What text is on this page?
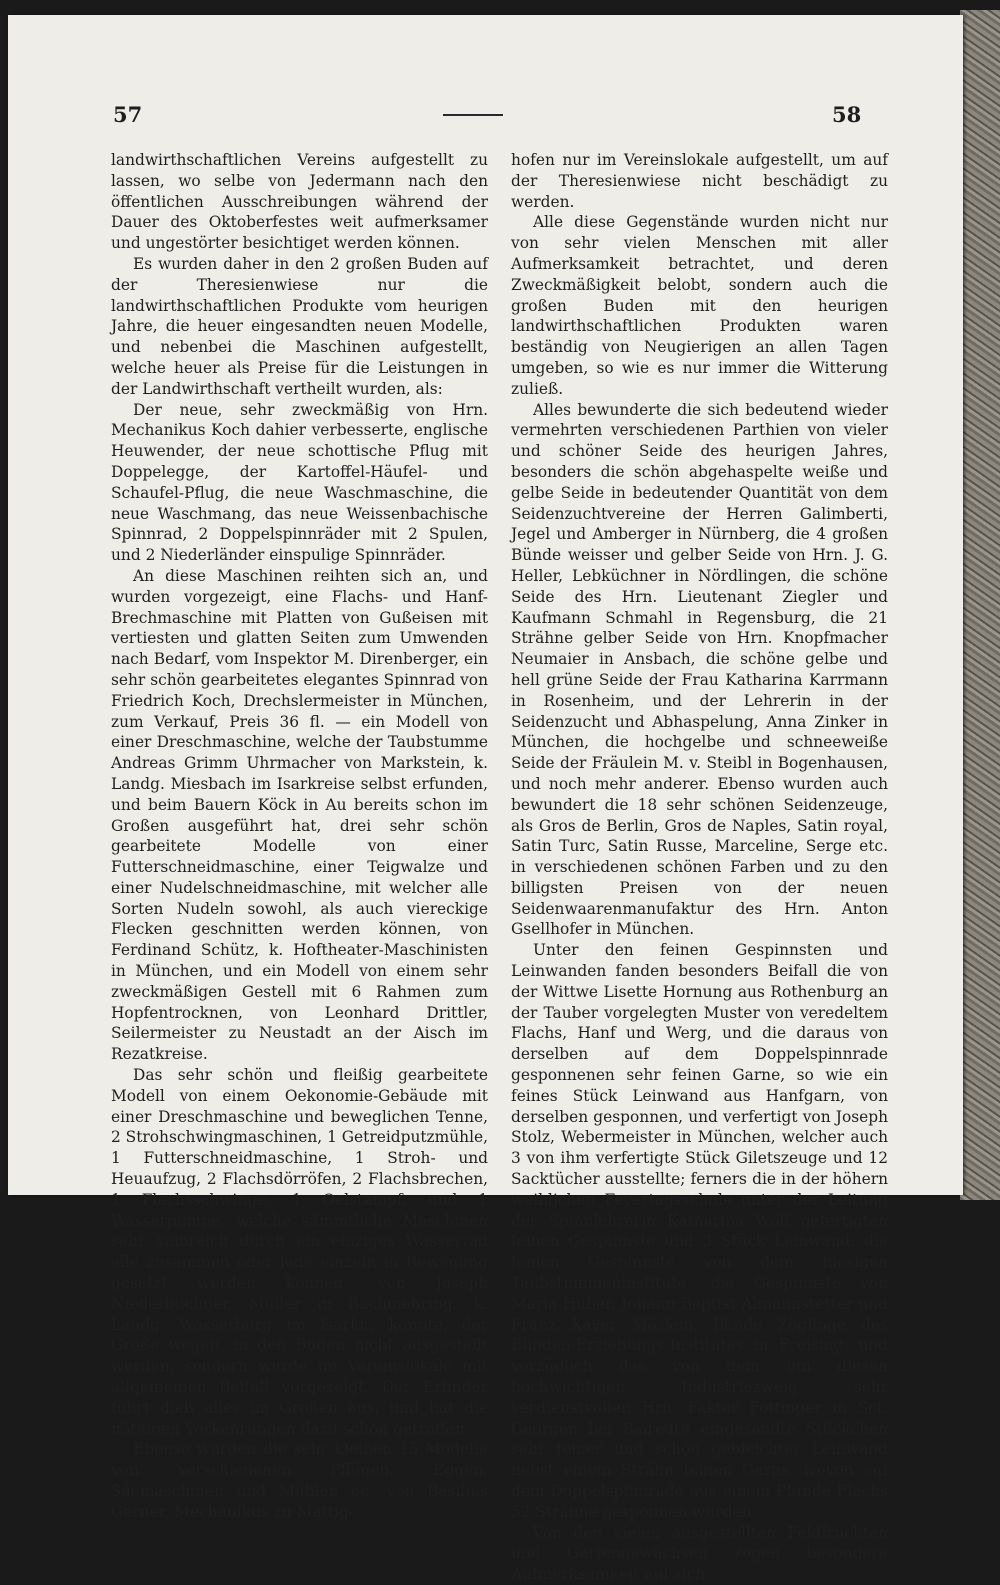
57	58

landwirthschaftlichen Vereins aufgestellt zu lassen, wo selbe von Jedermann nach den öffentlichen Ausschreibungen während der Dauer des Oktoberfestes weit aufmerksamer und ungestörter besichtiget werden können.

Es wurden daher in den 2 großen Buden auf der Theresienwiese nur die landwirthschaftlichen Produkte vom heurigen Jahre, die heuer eingesandten neuen Modelle, und nebenbei die Maschinen aufgestellt, welche heuer als Preise für die Leistungen in der Landwirthschaft vertheilt wurden, als:

Der neue, sehr zweckmäßig von Hrn. Mechanikus Koch dahier verbesserte, englische Heuwender, der neue schottische Pflug mit Doppelegge, der Kartoffel-Häufel- und Schaufel-Pflug, die neue Waschmaschine, die neue Waschmang, das neue Weissenbachische Spinnrad, 2 Doppelspinnräder mit 2 Spulen, und 2 Niederländer einspulige Spinnräder.

An diese Maschinen reihten sich an, und wurden vorgezeigt, eine Flachs- und Hanf-Brechmaschine mit Platten von Gußeisen mit vertiesten und glatten Seiten zum Umwenden nach Bedarf, vom Inspektor M. Direnberger, ein sehr schön gearbeitetes elegantes Spinnrad von Friedrich Koch, Drechslermeister in München, zum Verkauf, Preis 36 fl. — ein Modell von einer Dreschmaschine, welche der Taubstumme Andreas Grimm Uhrmacher von Markstein, k. Landg. Miesbach im Isarkreise selbst erfunden, und beim Bauern Köck in Au bereits schon im Großen ausgeführt hat, drei sehr schön gearbeitete Modelle von einer Futterschneidmaschine, einer Teigwalze und einer Nudelschneidmaschine, mit welcher alle Sorten Nudeln sowohl, als auch viereckige Flecken geschnitten werden können, von Ferdinand Schütz, k. Hoftheater-Maschinisten in München, und ein Modell von einem sehr zweckmäßigen Gestell mit 6 Rahmen zum Hopfentrocknen, von Leonhard Drittler, Seilermeister zu Neustadt an der Aisch im Rezatkreise.

Das sehr schön und fleißig gearbeitete Modell von einem Oekonomie-Gebäude mit einer Dreschmaschine und beweglichen Tenne, 2 Strohschwingmaschinen, 1 Getreidputzmühle, 1 Futterschneidmaschine, 1 Stroh- und Heuaufzug, 2 Flachsdörröfen, 2 Flachsbrechen, 1 Flachsschwinge, 1 Oelstampf, und 1 Wasserpumpe, welche sämmtliche Maschinen sehr sinnreich durch ein einziges Wasserrad alle zusammen oder jede einzeln in Bewegung gesetzt werden können, von Joseph Niederbuchner, Müller in Bachmehring, k. Landg. Wasserburg im Isarkr., konnte, der Größe wegen, in den Buden nicht ausgestellt werden, sondern wurde im Vereinslokale mit allgemeinen Beifall vorgezeigt. Der Erfinder führt dieß alles im Großen aus, und hat die nöthigen Vorkehrungen dazu schon getroffen.

Ebenso wurden die sehr kleinen 15 Modelle von verschiedenen Pflügen, Eggen, Säemaschinen und Mühlen ec. von Basilius Gerner, Mechanikus zu Mattig-

hofen nur im Vereinslokale aufgestellt, um auf der Theresienwiese nicht beschädigt zu werden.

Alle diese Gegenstände wurden nicht nur von sehr vielen Menschen mit aller Aufmerksamkeit betrachtet, und deren Zweckmäßigkeit belobt, sondern auch die großen Buden mit den heurigen landwirthschaftlichen Produkten waren beständig von Neugierigen an allen Tagen umgeben, so wie es nur immer die Witterung zuließ.

Alles bewunderte die sich bedeutend wieder vermehrten verschiedenen Parthien von vieler und schöner Seide des heurigen Jahres, besonders die schön abgehaspelte weiße und gelbe Seide in bedeutender Quantität von dem Seidenzuchtvereine der Herren Galimberti, Jegel und Amberger in Nürnberg, die 4 großen Bünde weisser und gelber Seide von Hrn. J. G. Heller, Lebküchner in Nördlingen, die schöne Seide des Hrn. Lieutenant Ziegler und Kaufmann Schmahl in Regensburg, die 21 Strähne gelber Seide von Hrn. Knopfmacher Neumaier in Ansbach, die schöne gelbe und hell grüne Seide der Frau Katharina Karrmann in Rosenheim, und der Lehrerin in der Seidenzucht und Abhaspelung, Anna Zinker in München, die hochgelbe und schneeweiße Seide der Fräulein M. v. Steibl in Bogenhausen, und noch mehr anderer. Ebenso wurden auch bewundert die 18 sehr schönen Seidenzeuge, als Gros de Berlin, Gros de Naples, Satin royal, Satin Turc, Satin Russe, Marceline, Serge etc. in verschiedenen schönen Farben und zu den billigsten Preisen von der neuen Seidenwaarenmanufaktur des Hrn. Anton Gsellhofer in München.

Unter den feinen Gespinnsten und Leinwanden fanden besonders Beifall die von der Wittwe Lisette Hornung aus Rothenburg an der Tauber vorgelegten Muster von veredeltem Flachs, Hanf und Werg, und die daraus von derselben auf dem Doppelspinnrade gesponnenen sehr feinen Garne, so wie ein feines Stück Leinwand aus Hanfgarn, von derselben gesponnen, und verfertigt von Joseph Stolz, Webermeister in München, welcher auch 3 von ihm verfertigte Stück Giletszeuge und 12 Sacktücher ausstellte; ferners die in der höhern weiblichen Feyertagsschule unter der Leitung der Spinnlehrerin Katharina Wolf gefertigten feinen Gespinnste und 3 Stück Leinwand; die feinen Gespinnste von dem hiesigen Taubstummeninstitute, die Gespinnste von Maria Huber, Johann Baptist Almannstetter und Franz Xaver Möslein, blinde Zöglinge des Blinden-Erziehungs-Institutes in Freising, und vorzüglich das von dem um diesen hochwichtigen Industriezweig sehr verdienstvollen Hrn. Faktor Föttinger in Sct. Georgen bei Baireuth eingesandte Stückchen sehr feiner und schön gebleichter Leinwand nebst einem Strähn feinen Garns, wovon auf dem Doppelspinnrade aus einem Pfunde Flachs 52 Strähne gesponnen wurden.

Von den vielen ausgestellten Feldfrüchten und Gartengewächsen zogen besondere Aufmerksamkeit auf sich:
